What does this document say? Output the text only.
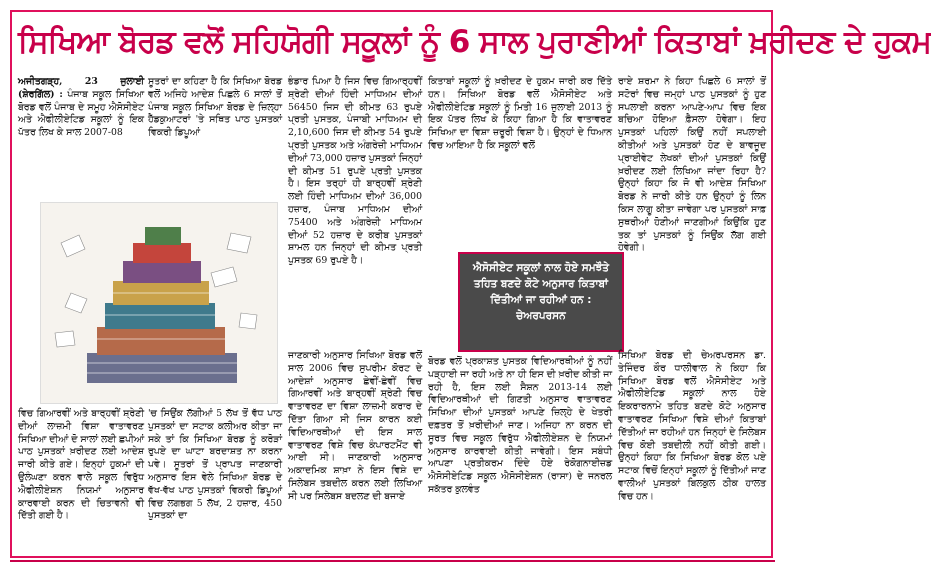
ਸਿਖਿਆ ਬੋਰਡ ਵਲੋਂ ਸਹਿਯੋਗੀ ਸਕੂਲਾਂ ਨੂੰ 6 ਸਾਲ ਪੁਰਾਣੀਆਂ ਕਿਤਾਬਾਂ ਖ਼ਰੀਦਣ ਦੇ ਹੁਕਮ

ਅਜੀਤਗੜ੍ਹ, 23 ਜੁਲਾਈ (ਸ਼ੇਰਗਿੱਲ) : ਪੰਜਾਬ ਸਕੂਲ ਸਿਖਿਆ ਬੋਰਡ ਵਲੋਂ ਪੰਜਾਬ ਦੇ ਸਮੂਹ ਐਸੋਸੀਏਟ ਅਤੇ ਐਫੀਲੀਏਟਿਡ ਸਕੂਲਾਂ ਨੂੰ ਇਕ ਪੱਤਰ ਲਿਖ ਕੇ ਸਾਲ 2007-08

ਸੂਤਰਾਂ ਦਾ ਕਹਿਣਾ ਹੈ ਕਿ ਸਿਖਿਆ ਬੋਰਡ ਵਲੋਂ ਅਜਿਹੇ ਆਦੇਸ਼ ਪਿਛਲੇ 6 ਸਾਲਾਂ ਤੋਂ ਪੰਜਾਬ ਸਕੂਲ ਸਿਖਿਆ ਬੋਰਡ ਦੇ ਜ਼ਿਲ੍ਹਾ ਹੈੱਡਕੁਆਟਰਾਂ 'ਤੇ ਸਥਿਤ ਪਾਠ ਪੁਸਤਕਾਂ ਵਿਕਰੀ ਡਿਪੂਆਂ

ਵਿਚ ਗਿਆਰਵੀਂ ਅਤੇ ਬਾਰ੍ਹਵੀਂ ਸ਼੍ਰੇਣੀ ਦੀਆਂ ਲਾਜ਼ਮੀ ਵਿਸ਼ਾ ਵਾਤਾਵਰਣ ਸਿਖਿਆ ਦੀਆਂ ਦੋ ਸਾਲਾਂ ਲਈ ਛਪੀਆਂ ਪਾਠ ਪੁਸਤਕਾਂ ਖ਼ਰੀਦਣ ਲਈ ਆਦੇਸ਼ ਜਾਰੀ ਕੀਤੇ ਗਏ। ਇਨ੍ਹਾਂ ਹੁਕਮਾਂ ਦੀ ਉਲੰਘਣਾ ਕਰਨ ਵਾਲੇ ਸਕੂਲ ਵਿਰੁੱਧ ਐਫੀਲੀਏਸ਼ਨ ਨਿਯਮਾਂ ਅਨੁਸਾਰ ਕਾਰਵਾਈ ਕਰਨ ਦੀ ਚਿਤਾਵਨੀ ਵੀ ਦਿੱਤੀ ਗਈ ਹੈ।

'ਚ ਸਿਉਂਕ ਲੱਗੀਆਂ 5 ਲੱਖ ਤੋਂ ਵੱਧ ਪਾਠ ਪੁਸਤਕਾਂ ਦਾ ਸਟਾਕ ਕਲੀਅਰ ਕੀਤਾ ਜਾ ਸਕੇ ਤਾਂ ਕਿ ਸਿਖਿਆ ਬੋਰਡ ਨੂੰ ਕਰੋੜਾਂ ਰੁਪਏ ਦਾ ਘਾਟਾ ਬਰਦਾਸ਼ਤ ਨਾ ਕਰਨਾ ਪਵੇ। ਸੂਤਰਾਂ ਤੋਂ ਪ੍ਰਾਪਤ ਜਾਣਕਾਰੀ ਅਨੁਸਾਰ ਇਸ ਵੇਲੇ ਸਿਖਿਆ ਬੋਰਡ ਦੇ ਵੱਖ-ਵੱਖ ਪਾਠ ਪੁਸਤਕਾਂ ਵਿਕਰੀ ਡਿਪੂਆਂ ਵਿਚ ਲਗਭਗ 5 ਲੱਖ, 2 ਹਜ਼ਾਰ, 450 ਪੁਸਤਕਾਂ ਦਾ

ਭੰਡਾਰ ਪਿਆ ਹੈ ਜਿਸ ਵਿਚ ਗਿਆਰ੍ਹਵੀਂ ਸ਼੍ਰੇਣੀ ਦੀਆਂ ਹਿੰਦੀ ਮਾਧਿਅਮ ਦੀਆਂ 56450 ਜਿਸ ਦੀ ਕੀਮਤ 63 ਰੁਪਏ ਪ੍ਰਤੀ ਪੁਸਤਕ, ਪੰਜਾਬੀ ਮਾਧਿਅਮ ਦੀ 2,10,600 ਜਿਸ ਦੀ ਕੀਮਤ 54 ਰੁਪਏ ਪ੍ਰਤੀ ਪੁਸਤਕ ਅਤੇ ਅੰਗਰੇਜ਼ੀ ਮਾਧਿਅਮ ਦੀਆਂ 73,000 ਹਜ਼ਾਰ ਪੁਸਤਕਾਂ ਜਿਨ੍ਹਾਂ ਦੀ ਕੀਮਤ 51 ਰੁਪਏ ਪ੍ਰਤੀ ਪੁਸਤਕ ਹੈ। ਇਸ ਤਰ੍ਹਾਂ ਹੀ ਬਾਰ੍ਹਵੀਂ ਸ਼੍ਰੇਣੀ ਲਈ ਹਿੰਦੀ ਮਾਧਿਅਮ ਦੀਆਂ 36,000 ਹਜ਼ਾਰ, ਪੰਜਾਬ ਮਾਧਿਅਮ ਦੀਆਂ 75400 ਅਤੇ ਅੰਗਰੇਜ਼ੀ ਮਾਧਿਅਮ ਦੀਆਂ 52 ਹਜ਼ਾਰ ਦੇ ਕਰੀਬ ਪੁਸਤਕਾਂ ਸ਼ਾਮਲ ਹਨ ਜਿਨ੍ਹਾਂ ਦੀ ਕੀਮਤ ਪ੍ਰਤੀ ਪੁਸਤਕ 69 ਰੁਪਏ ਹੈ।

ਜਾਣਕਾਰੀ ਅਨੁਸਾਰ ਸਿਖਿਆ ਬੋਰਡ ਵਲੋਂ ਸਾਲ 2006 ਵਿਚ ਸੁਪਰੀਮ ਕੋਰਟ ਦੇ ਆਦੇਸ਼ਾਂ ਅਨੁਸਾਰ ਛੇਵੀਂ-ਛੇਵੀਂ ਵਿਚ ਗਿਆਰਵੀਂ ਅਤੇ ਬਾਰ੍ਹਵੀਂ ਸ਼੍ਰੇਣੀ ਵਿਚ ਵਾਤਾਵਰਣ ਦਾ ਵਿਸ਼ਾ ਲਾਜ਼ਮੀ ਕਰਾਰ ਦੇ ਦਿੱਤਾ ਗਿਆ ਸੀ ਜਿਸ ਕਾਰਨ ਕਈ ਵਿਦਿਆਰਥੀਆਂ ਦੀ ਇਸ ਸਾਲ ਵਾਤਾਵਰਣ ਵਿਸ਼ੇ ਵਿਚ ਕੰਪਾਰਟਮੈਂਟ ਵੀ ਆਈ ਸੀ। ਜਾਣਕਾਰੀ ਅਨੁਸਾਰ ਅਕਾਦਮਿਕ ਸ਼ਾਖ਼ਾ ਨੇ ਇਸ ਵਿਸ਼ੇ ਦਾ ਸਿਲੇਬਸ ਤਬਦੀਲ ਕਰਨ ਲਈ ਲਿਖਿਆ ਸੀ ਪਰ ਸਿਲੇਬਸ ਬਦਲਣ ਦੀ ਬਜਾਏ

ਕਿਤਾਬਾਂ ਸਕੂਲਾਂ ਨੂੰ ਖ਼ਰੀਦਣ ਦੇ ਹੁਕਮ ਜਾਰੀ ਕਰ ਦਿੱਤੇ ਹਨ। ਸਿਖਿਆ ਬੋਰਡ ਵਲੋਂ ਐਸੋਸੀਏਟ ਅਤੇ ਐਫੀਲੀਏਟਿਡ ਸਕੂਲਾਂ ਨੂੰ ਮਿਤੀ 16 ਜੁਲਾਈ 2013 ਨੂੰ ਇਕ ਪੱਤਰ ਲਿਖ ਕੇ ਕਿਹਾ ਗਿਆ ਹੈ ਕਿ ਵਾਤਾਵਰਣ ਸਿਖਿਆ ਦਾ ਵਿਸ਼ਾ ਜ਼ਰੂਰੀ ਵਿਸ਼ਾ ਹੈ। ਉਨ੍ਹਾਂ ਦੇ ਧਿਆਨ ਵਿਚ ਆਇਆ ਹੈ ਕਿ ਸਕੂਲਾਂ ਵਲੋਂ

ਐਸੋਸੀਏਟ ਸਕੂਲਾਂ ਨਾਲ ਹੋਏ ਸਮਝੌਤੇ ਤਹਿਤ ਬਣਦੇ ਕੋਟੇ ਅਨੁਸਾਰ ਕਿਤਾਬਾਂ ਦਿੱਤੀਆਂ ਜਾ ਰਹੀਆਂ ਹਨ : ਚੇਅਰਪਰਸਨ

ਬੋਰਡ ਵਲੋਂ ਪ੍ਰਕਾਸ਼ਤ ਪੁਸਤਕ ਵਿਦਿਆਰਥੀਆਂ ਨੂੰ ਨਹੀਂ ਪੜ੍ਹਾਈ ਜਾ ਰਹੀ ਅਤੇ ਨਾ ਹੀ ਇਸ ਦੀ ਖ਼ਰੀਦ ਕੀਤੀ ਜਾ ਰਹੀ ਹੈ, ਇਸ ਲਈ ਸੈਸ਼ਨ 2013-14 ਲਈ ਵਿਦਿਆਰਥੀਆਂ ਦੀ ਗਿਣਤੀ ਅਨੁਸਾਰ ਵਾਤਾਵਰਣ ਸਿਖਿਆ ਦੀਆਂ ਪੁਸਤਕਾਂ ਆਪਣੇ ਜ਼ਿਲ੍ਹੇ ਦੇ ਖੇਤਰੀ ਦਫ਼ਤਰ ਤੋਂ ਖ਼ਰੀਦੀਆਂ ਜਾਣ। ਅਜਿਹਾ ਨਾ ਕਰਨ ਦੀ ਸੂਰਤ ਵਿਚ ਸਕੂਲ ਵਿਰੁੱਧ ਐਫੀਲੀਏਸ਼ਨ ਦੇ ਨਿਯਮਾਂ ਅਨੁਸਾਰ ਕਾਰਵਾਈ ਕੀਤੀ ਜਾਵੇਗੀ। ਇਸ ਸਬੰਧੀ ਆਪਣਾ ਪ੍ਰਤੀਕਰਮ ਦਿੰਦੇ ਹੋਏ ਰੇਕੋਗਨਾਈਜ਼ਡ ਐਸੋਸੀਏਟਿਡ ਸਕੂਲ ਐਸੋਸੀਏਸ਼ਨ (ਰਾਸਾ) ਦੇ ਜਨਰਲ ਸਕੱਤਰ ਕੁਲਵੰਤ

ਰਾਏ ਸ਼ਰਮਾ ਨੇ ਕਿਹਾ ਪਿਛਲੇ 6 ਸਾਲਾਂ ਤੋਂ ਸਟੋਰਾਂ ਵਿਚ ਜਮ੍ਹਾਂ ਪਾਠ ਪੁਸਤਕਾਂ ਨੂੰ ਹੁਣ ਸਪਲਾਈ ਕਰਨਾ ਆਪਣੇ-ਆਪ ਵਿਚ ਇਕ ਬਚਿਆ ਹੋਇਆ ਫ਼ੈਸਲਾ ਹੋਵੇਗਾ। ਇਹ ਪੁਸਤਕਾਂ ਪਹਿਲਾਂ ਕਿਉਂ ਨਹੀਂ ਸਪਲਾਈ ਕੀਤੀਆਂ ਅਤੇ ਪੁਸਤਕਾਂ ਹੋਣ ਦੇ ਬਾਵਜੂਦ ਪ੍ਰਾਈਵੇਟ ਲੇਖਕਾਂ ਦੀਆਂ ਪੁਸਤਕਾਂ ਕਿਉਂ ਖ਼ਰੀਦਣ ਲਈ ਲਿਖਿਆ ਜਾਂਦਾ ਰਿਹਾ ਹੈ? ਉਨ੍ਹਾਂ ਕਿਹਾ ਕਿ ਜੋ ਵੀ ਆਦੇਸ਼ ਸਿਖਿਆ ਬੋਰਡ ਨੇ ਜਾਰੀ ਕੀਤੇ ਹਨ ਉਨ੍ਹਾਂ ਨੂੰ ਲਿਨ ਕਿਸ ਲਾਗੂ ਕੀਤਾ ਜਾਵੇਗਾ ਪਰ ਪੁਸਤਕਾਂ ਸਾਫ਼ ਸੁਥਰੀਆਂ ਹੋਣੀਆਂ ਜਾਣਗੀਆਂ ਕਿਉਂਕਿ ਹੁਣ ਤਕ ਤਾਂ ਪੁਸਤਕਾਂ ਨੂੰ ਸਿਉਂਕ ਲੱਗ ਗਈ ਹੋਵੇਗੀ।

ਸਿਖਿਆ ਬੋਰਡ ਦੀ ਚੇਅਰਪਰਸਨ ਡਾ. ਤੇਜਿੰਦਰ ਕੌਰ ਧਾਲੀਵਾਲ ਨੇ ਕਿਹਾ ਕਿ ਸਿਖਿਆ ਬੋਰਡ ਵਲੋਂ ਐਸੋਸੀਏਟ ਅਤੇ ਐਫੀਲੀਏਟਿਡ ਸਕੂਲਾਂ ਨਾਲ ਹੋਏ ਇਕਰਾਰਨਾਮੇ ਤਹਿਤ ਬਣਦੇ ਕੋਟੇ ਅਨੁਸਾਰ ਵਾਤਾਵਰਣ ਸਿਖਿਆ ਵਿਸ਼ੇ ਦੀਆਂ ਕਿਤਾਬਾਂ ਦਿੱਤੀਆਂ ਜਾ ਰਹੀਆਂ ਹਨ ਜਿਨ੍ਹਾਂ ਦੇ ਸਿਲੇਬਸ ਵਿਚ ਕੋਈ ਤਬਦੀਲੀ ਨਹੀਂ ਕੀਤੀ ਗਈ। ਉਨ੍ਹਾਂ ਕਿਹਾ ਕਿ ਸਿਖਿਆ ਬੋਰਡ ਕੋਲ ਪਏ ਸਟਾਕ ਵਿਚੋਂ ਇਨ੍ਹਾਂ ਸਕੂਲਾਂ ਨੂੰ ਦਿੱਤੀਆਂ ਜਾਣ ਵਾਲੀਆਂ ਪੁਸਤਕਾਂ ਬਿਲਕੁਲ ਠੀਕ ਹਾਲਤ ਵਿਚ ਹਨ।
